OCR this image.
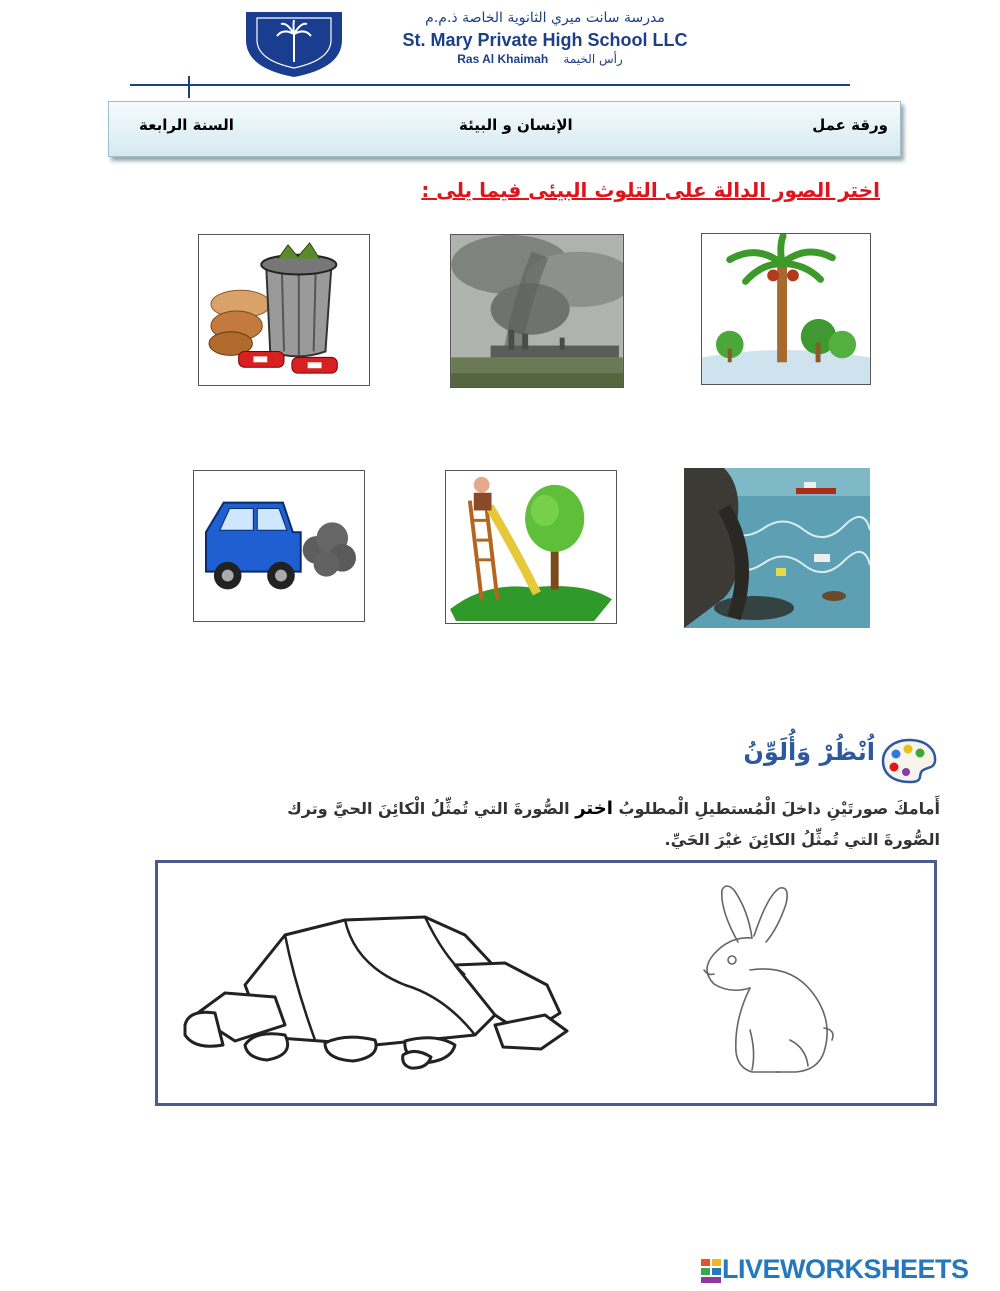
مدرسة سانت ميري الثانوية الخاصة ذ.م.م
St. Mary Private High School LLC
Ras Al Khaimah رأس الخيمة
ورقة عمل
الإنسان و البيئة
السنة الرابعة
اختر الصور الدالة على التلوث البيئى فيما يلى :
اُنْظُرْ وَأُلَوِّنُ
أَمامكَ صورتَيْنِ داخلَ الْمُستطيلِ الْمطلوبُ اختر الصُّورةَ التي تُمثِّلُ الْكائِنَ الحيَّ وترك
الصُّورةَ التي تُمثِّلُ الكائِنَ غيْرَ الحَيِّ.
LIVEWORKSHEETS
